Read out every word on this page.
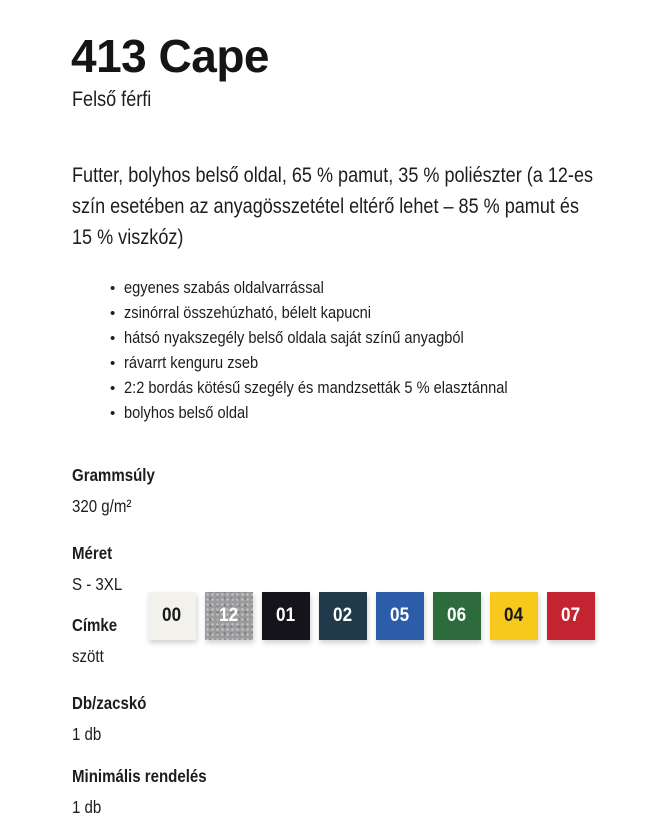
413 Cape
Felső férfi
Futter, bolyhos belső oldal, 65 % pamut, 35 % poliészter (a 12-es
szín esetében az anyagösszetétel eltérő lehet – 85 % pamut és
15 % viszkóz)
• egyenes szabás oldalvarrással
• zsinórral összehúzható, bélelt kapucni
• hátsó nyakszegély belső oldala saját színű anyagból
• rávarrt kenguru zseb
• 2:2 bordás kötésű szegély és mandzsetták 5 % elasztánnal
• bolyhos belső oldal
Grammsúly
320 g/m²
Méret
S - 3XL
Címke
szött
Db/zacskó
1 db
Minimális rendelés
1 db
00 12 01 02 05 06 04 07
